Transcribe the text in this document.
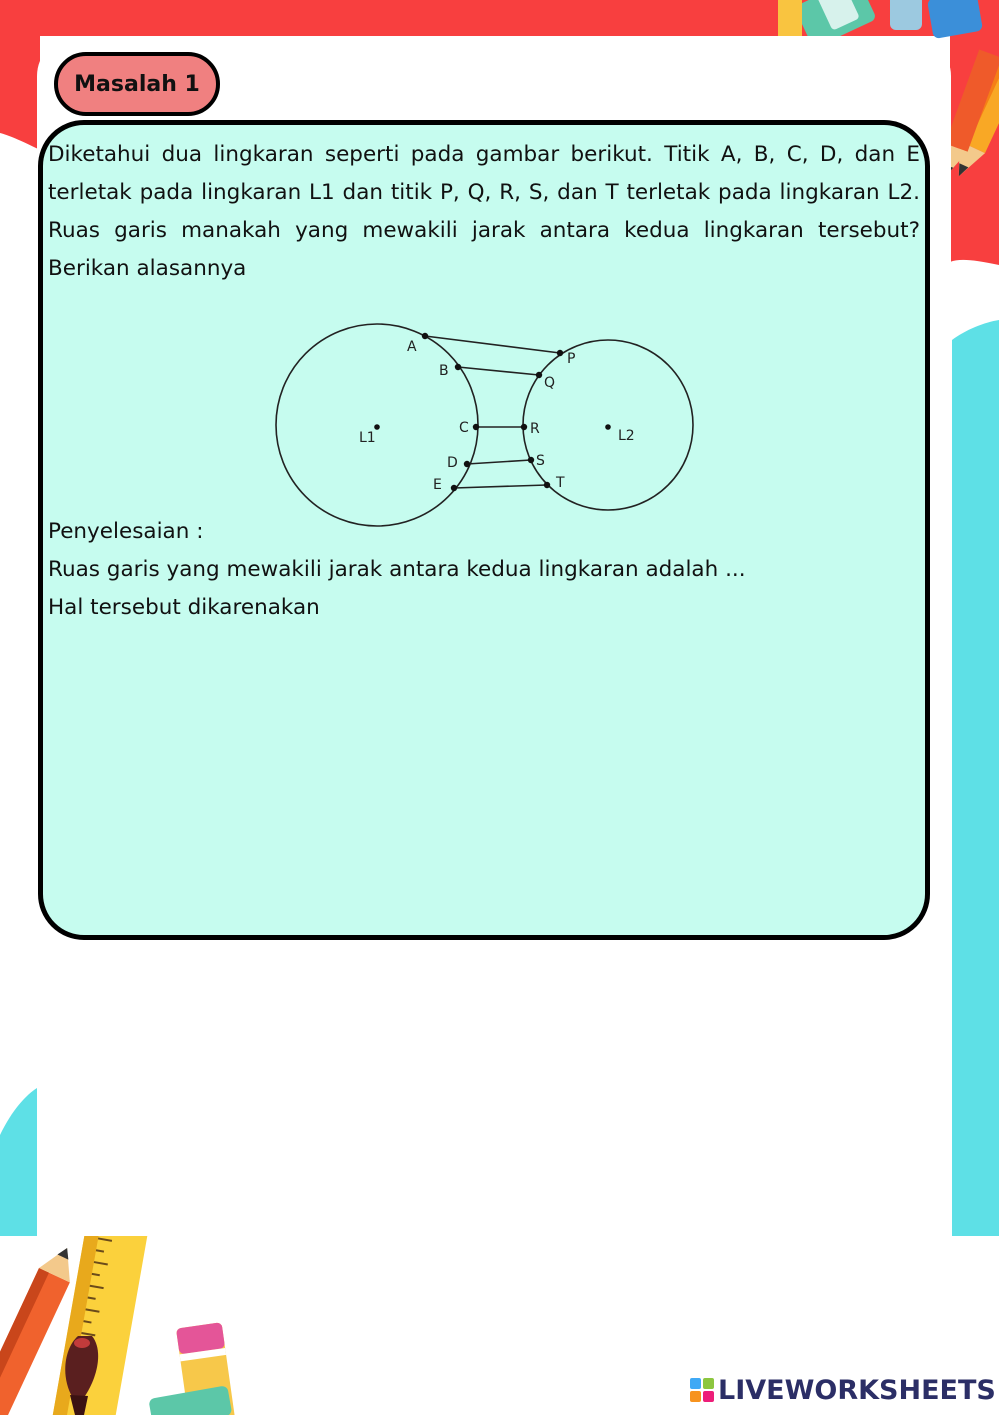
Masalah 1

Diketahui dua lingkaran seperti pada gambar berikut. Titik A, B, C, D, dan E terletak pada lingkaran L1 dan titik P, Q, R, S, dan T terletak pada lingkaran L2. Ruas garis manakah yang mewakili jarak antara kedua lingkaran tersebut? Berikan alasannya

A
B
C
D
E
P
Q
R
S
T
L1	L2
Penyelesaian :
Ruas garis yang mewakili jarak antara kedua lingkaran adalah ...
Hal tersebut dikarenakan
LIVEWORKSHEETS
